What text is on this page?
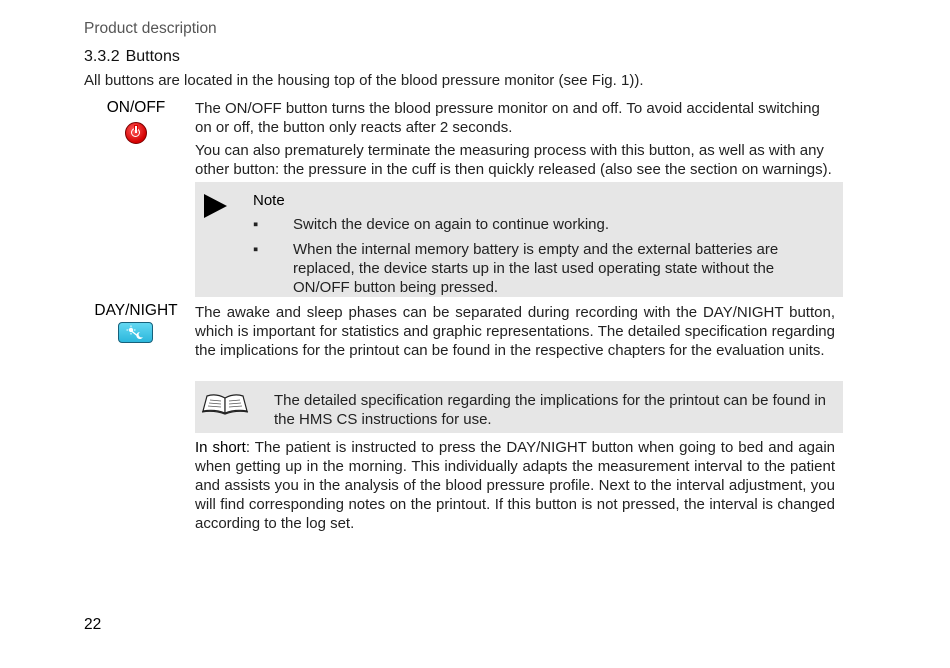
Product description
3.3.2 Buttons
All buttons are located in the housing top of the blood pressure monitor (see Fig. 1)).
ON/OFF The ON/OFF button turns the blood pressure monitor on and off. To avoid accidental switching on or off, the button only reacts after 2 seconds.

You can also prematurely terminate the measuring process with this button, as well as with any other button: the pressure in the cuff is then quickly released (also see the section on warnings).

Note
▪ Switch the device on again to continue working.
▪ When the internal memory battery is empty and the external batteries are replaced, the device starts up in the last used operating state without the ON/OFF button being pressed.
DAY/NIGHT The awake and sleep phases can be separated during recording with the DAY/NIGHT button, which is important for statistics and graphic representations. The detailed specification regarding the implications for the printout can be found in the respective chapters for the evaluation units.

The detailed specification regarding the implications for the printout can be found in the HMS CS instructions for use.

In short: The patient is instructed to press the DAY/NIGHT button when going to bed and again when getting up in the morning. This individually adapts the measurement interval to the patient and assists you in the analysis of the blood pressure profile. Next to the interval adjustment, you will find corresponding notes on the printout. If this button is not pressed, the interval is changed according to the log set.

22
